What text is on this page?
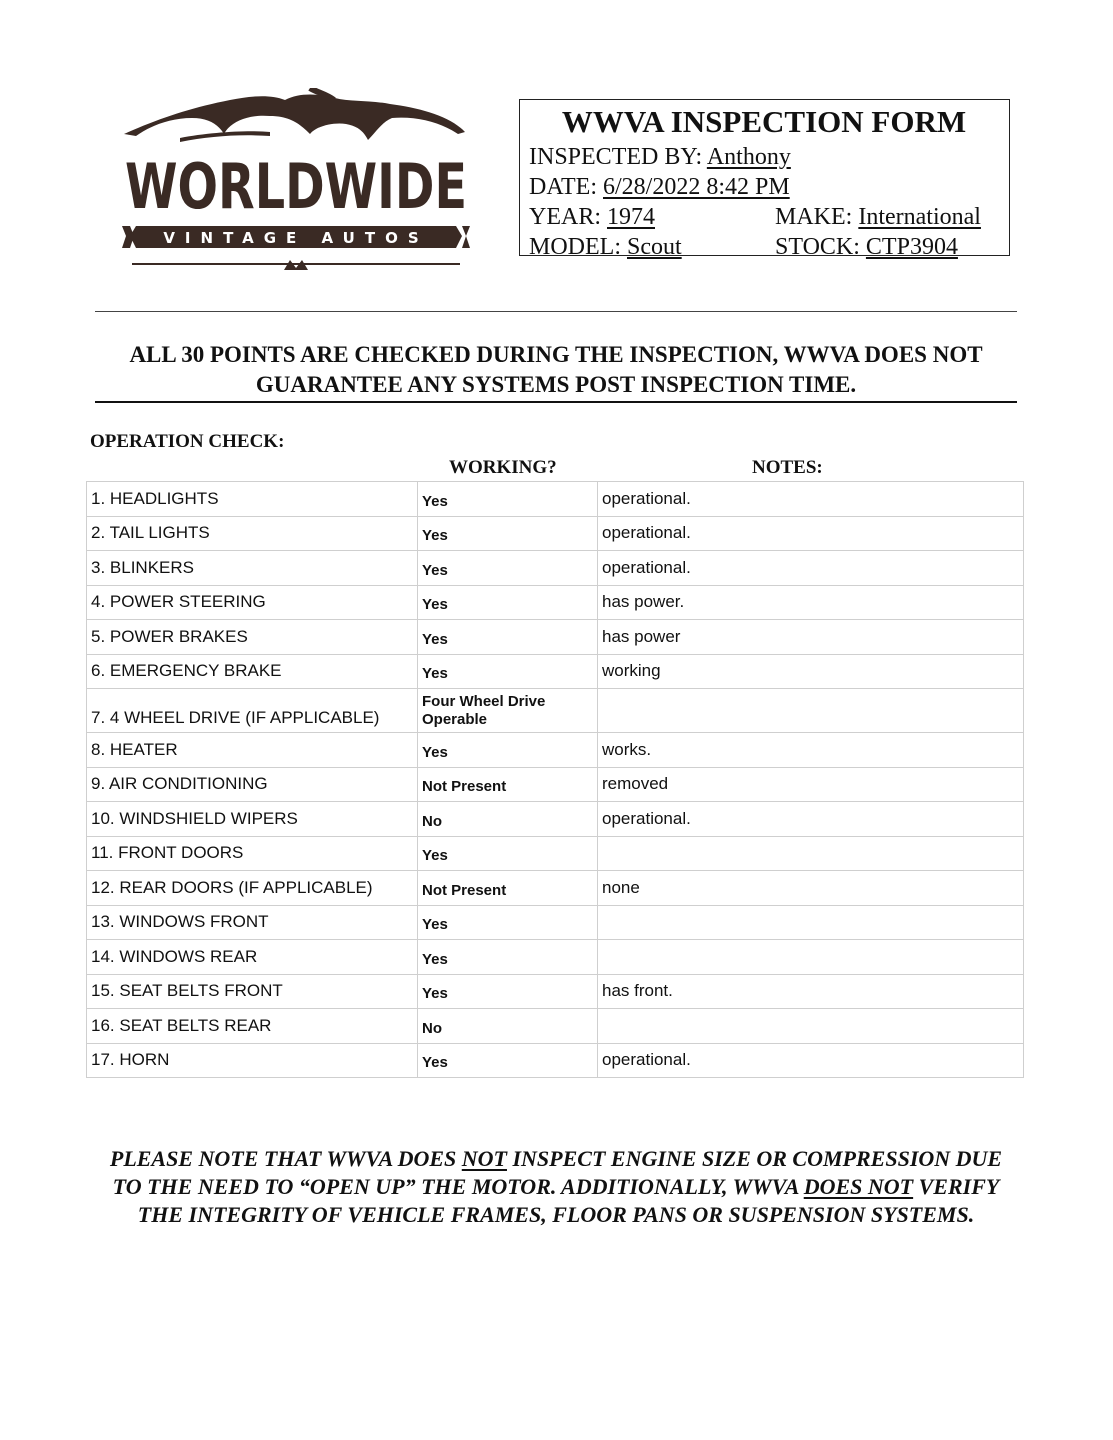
WORLDWIDE
VINTAGE AUTOS
WWVA INSPECTION FORM
INSPECTED BY: Anthony
DATE: 6/28/2022 8:42 PM
YEAR: 1974	MAKE: International
MODEL: Scout	STOCK: CTP3904
ALL 30 POINTS ARE CHECKED DURING THE INSPECTION, WWVA DOES NOT
GUARANTEE ANY SYSTEMS POST INSPECTION TIME.
OPERATION CHECK:
WORKING?	NOTES:
1. HEADLIGHTS	Yes	operational.
2. TAIL LIGHTS	Yes	operational.
3. BLINKERS	Yes	operational.
4. POWER STEERING	Yes	has power.
5. POWER BRAKES	Yes	has power
6. EMERGENCY BRAKE	Yes	working
7. 4 WHEEL DRIVE (IF APPLICABLE)	Four Wheel Drive Operable	
8. HEATER	Yes	works.
9. AIR CONDITIONING	Not Present	removed
10. WINDSHIELD WIPERS	No	operational.
11. FRONT DOORS	Yes	
12. REAR DOORS (IF APPLICABLE)	Not Present	none
13. WINDOWS FRONT	Yes	
14. WINDOWS REAR	Yes	
15. SEAT BELTS FRONT	Yes	has front.
16. SEAT BELTS REAR	No	
17. HORN	Yes	operational.
PLEASE NOTE THAT WWVA DOES NOT INSPECT ENGINE SIZE OR COMPRESSION DUE TO THE NEED TO “OPEN UP” THE MOTOR. ADDITIONALLY, WWVA DOES NOT VERIFY THE INTEGRITY OF VEHICLE FRAMES, FLOOR PANS OR SUSPENSION SYSTEMS.
